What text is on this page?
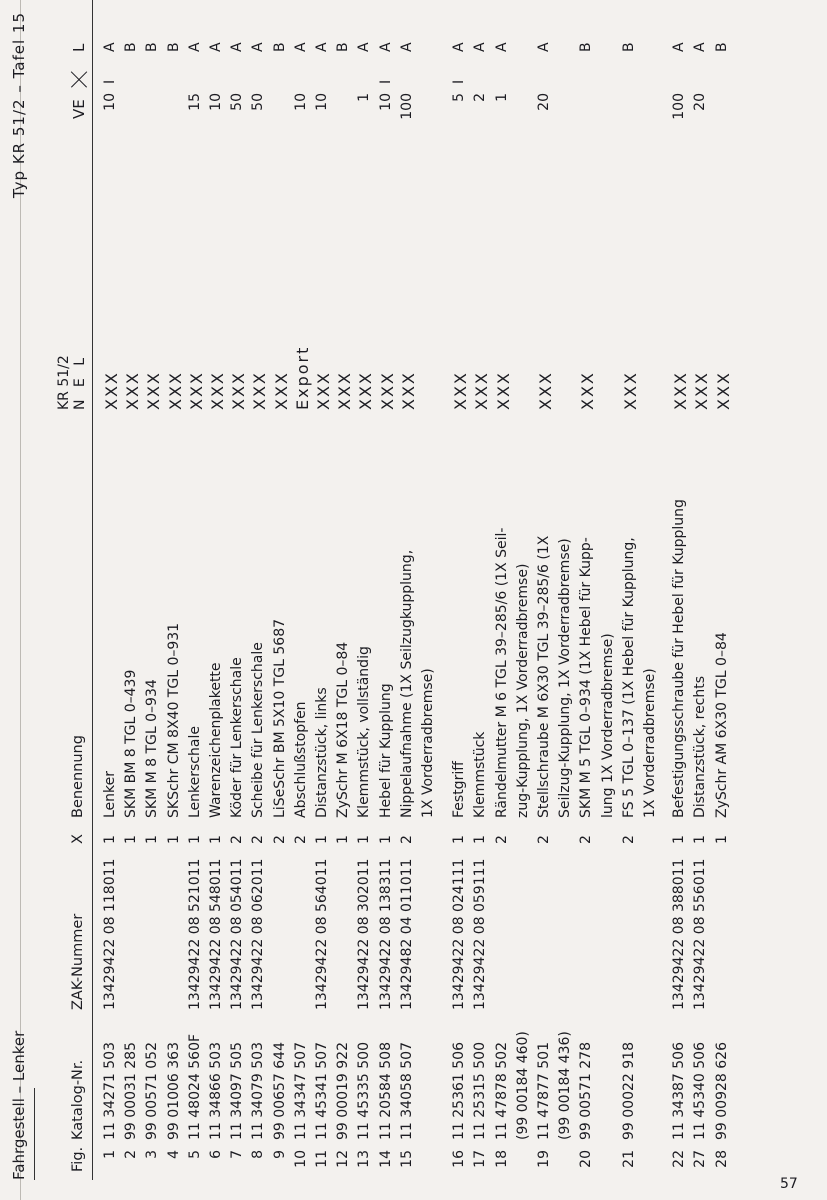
Fahrgestell – Lenker
Typ KR 51/2 – Tafel 15
Fig.
Katalog-Nr.
ZAK-Nummer
X
Benennung
KR 51/2 N E L
VE
L
1
11 34271 503
13429422 08 118011
1
Lenker
XXX
10
I
A
2
99 00031 285
1
SKM BM 8 TGL 0–439
XXX
B
3
99 00571 052
1
SKM M 8 TGL 0–934
XXX
B
4
99 01006 363
1
SKSchr CM 8X40 TGL 0–931
XXX
B
5
11 48024 560F
13429422 08 521011
1
Lenkerschale
XXX
15
A
6
11 34866 503
13429422 08 548011
1
Warenzeichenplakette
XXX
10
A
7
11 34097 505
13429422 08 054011
2
Köder für Lenkerschale
XXX
50
A
8
11 34079 503
13429422 08 062011
2
Scheibe für Lenkerschale
XXX
50
A
9
99 00657 644
2
LiSeSchr BM 5X10 TGL 5687
XXX
B
10
11 34347 507
2
Abschlußstopfen
Export
10
A
11
11 45341 507
13429422 08 564011
1
Distanzstück, links
XXX
10
A
12
99 00019 922
1
ZySchr M 6X18 TGL 0–84
XXX
B
13
11 45335 500
13429422 08 302011
1
Klemmstück, vollständig
XXX
1
A
14
11 20584 508
13429422 08 138311
1
Hebel für Kupplung
XXX
10
I
A
15
11 34058 507
13429482 04 011011
2
Nippelaufnahme (1X Seilzugkupplung,
XXX
100
A
1X Vorderradbremse)
16
11 25361 506
13429422 08 024111
1
Festgriff
XXX
5
I
A
17
11 25315 500
13429422 08 059111
1
Klemmstück
XXX
2
A
18
11 47878 502
2
Rändelmutter M 6 TGL 39–285/6 (1X Seil-
XXX
1
A
(99 00184 460)
zug-Kupplung, 1X Vorderradbremse)
19
11 47877 501
2
Stellschraube M 6X30 TGL 39–285/6 (1X
XXX
20
A
(99 00184 436)
Seilzug-Kupplung, 1X Vorderradbremse)
20
99 00571 278
2
SKM M 5 TGL 0–934 (1X Hebel für Kupp-
XXX
B
lung 1X Vorderradbremse)
21
99 00022 918
2
FS 5 TGL 0–137 (1X Hebel für Kupplung,
XXX
B
1X Vorderradbremse)
22
11 34387 506
13429422 08 388011
1
Befestigungsschraube für Hebel für Kupplung
XXX
100
A
27
11 45340 506
13429422 08 556011
1
Distanzstück, rechts
XXX
20
A
28
99 00928 626
1
ZySchr AM 6X30 TGL 0–84
XXX
B
57
